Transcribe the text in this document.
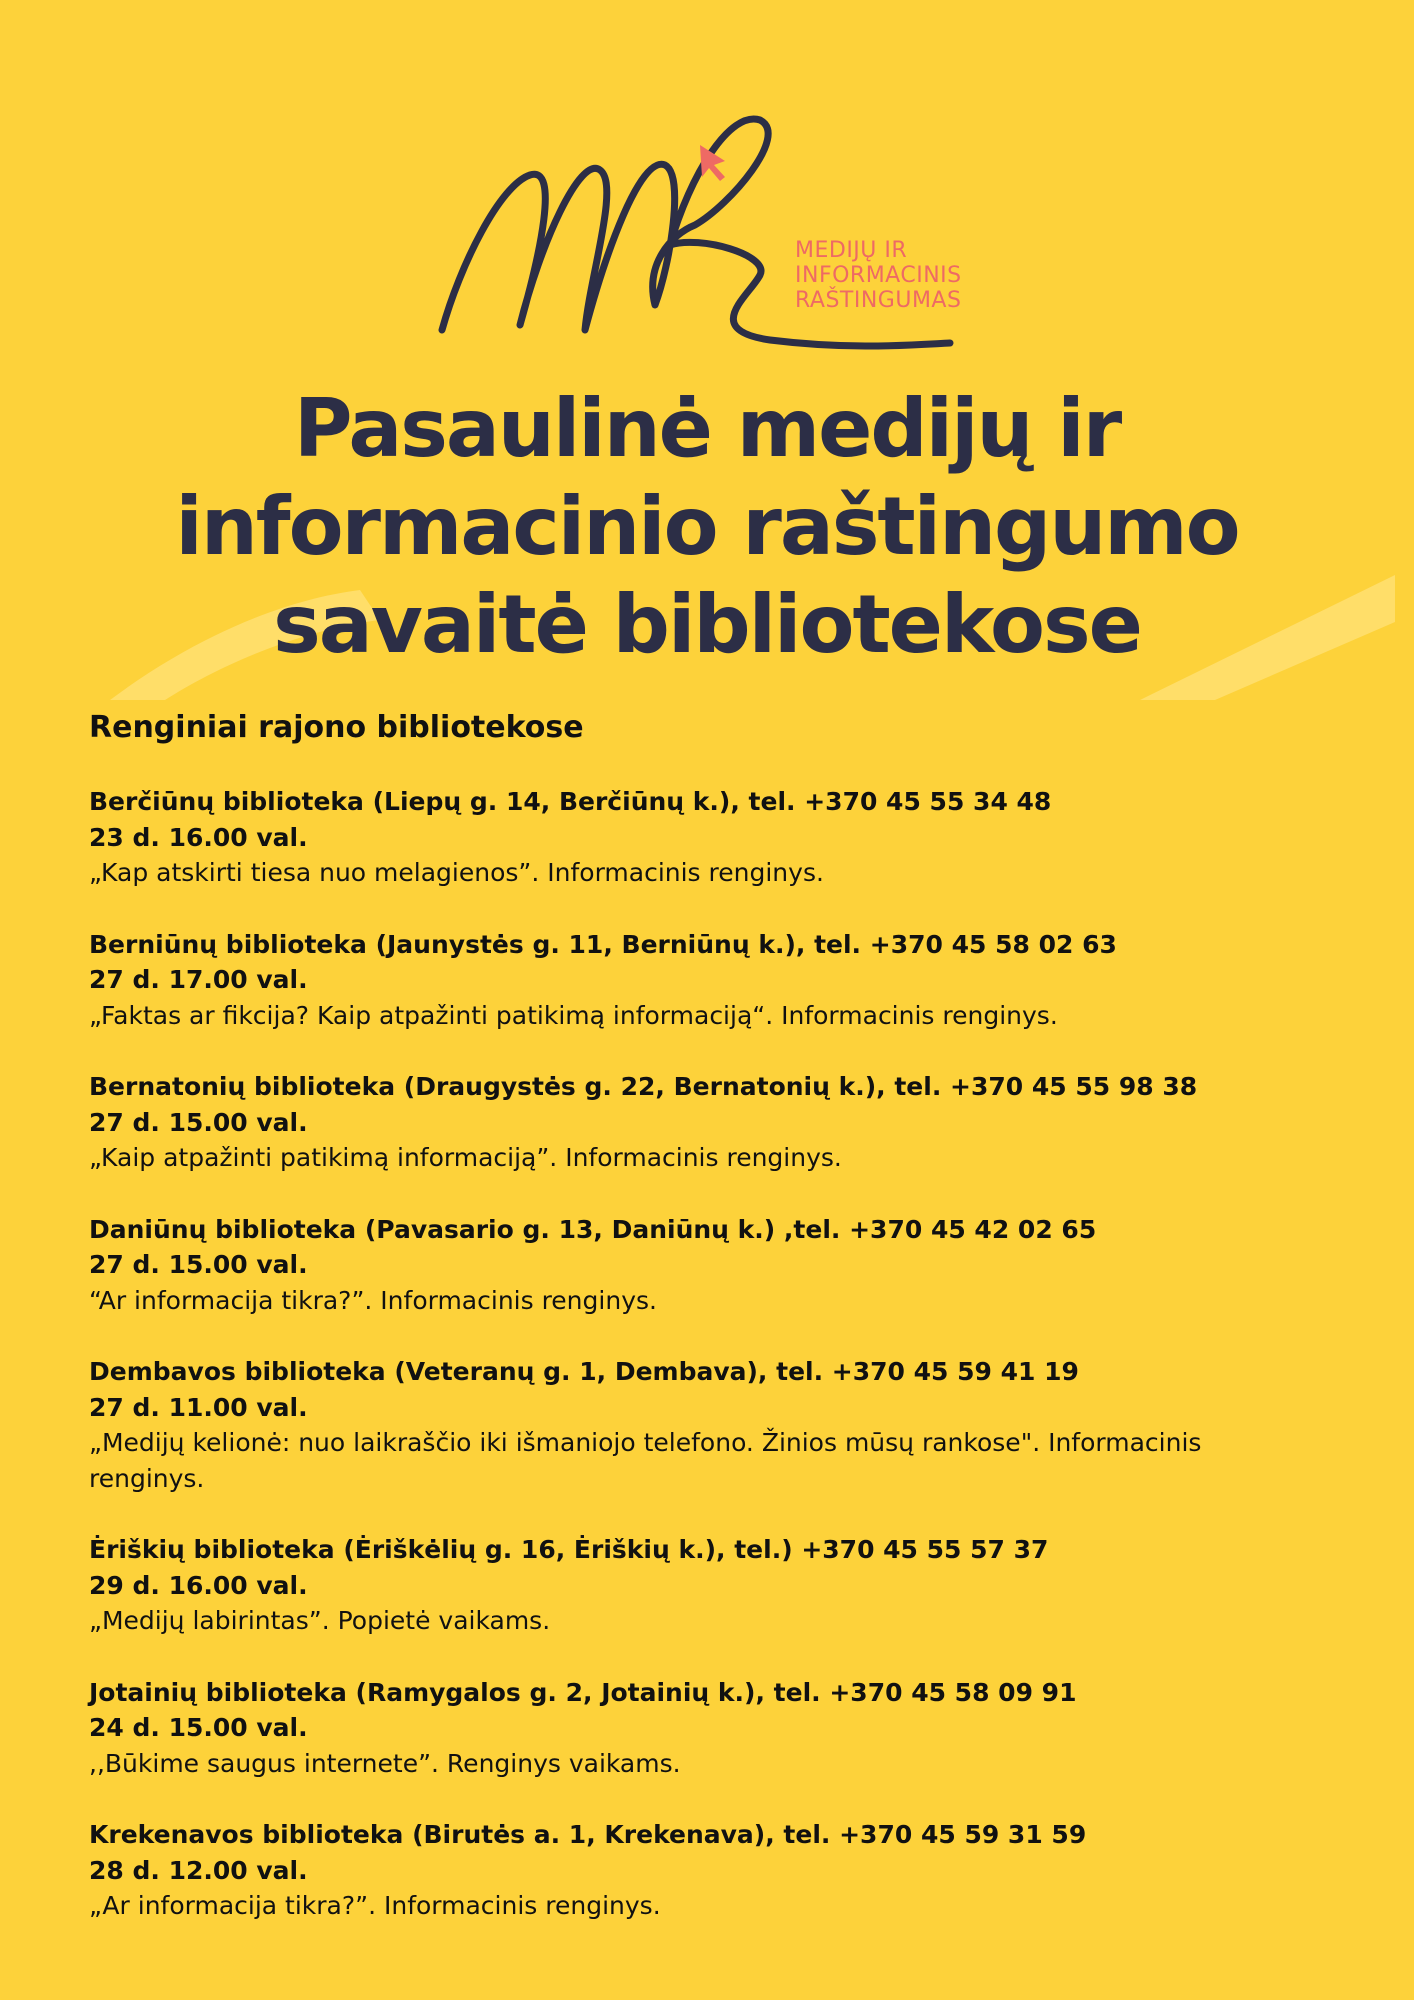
MEDIJŲ IR
INFORMACINIS
RAŠTINGUMAS
Pasaulinė medijų ir
informacinio raštingumo
savaitė bibliotekose
Renginiai rajono bibliotekose
Berčiūnų biblioteka (Liepų g. 14, Berčiūnų k.), tel. +370 45 55 34 48
23 d. 16.00 val.
„Kap atskirti tiesa nuo melagienos”. Informacinis renginys.
Berniūnų biblioteka (Jaunystės g. 11, Berniūnų k.), tel. +370 45 58 02 63
27 d. 17.00 val.
„Faktas ar fikcija? Kaip atpažinti patikimą informaciją“. Informacinis renginys.
Bernatonių biblioteka (Draugystės g. 22, Bernatonių k.), tel. +370 45 55 98 38
27 d. 15.00 val.
„Kaip atpažinti patikimą informaciją”. Informacinis renginys.
Daniūnų biblioteka (Pavasario g. 13, Daniūnų k.) ,tel. +370 45 42 02 65
27 d. 15.00 val.
“Ar informacija tikra?”. Informacinis renginys.
Dembavos biblioteka (Veteranų g. 1, Dembava), tel. +370 45 59 41 19
27 d. 11.00 val.
„Medijų kelionė: nuo laikraščio iki išmaniojo telefono. Žinios mūsų rankose". Informacinis renginys.
Ėriškių biblioteka (Ėriškėlių g. 16, Ėriškių k.), tel.) +370 45 55 57 37
29 d. 16.00 val.
„Medijų labirintas”. Popietė vaikams.
Jotainių biblioteka (Ramygalos g. 2, Jotainių k.), tel. +370 45 58 09 91
24 d. 15.00 val.
,,Būkime saugus internete”. Renginys vaikams.
Krekenavos biblioteka (Birutės a. 1, Krekenava), tel. +370 45 59 31 59
28 d. 12.00 val.
„Ar informacija tikra?”. Informacinis renginys.
